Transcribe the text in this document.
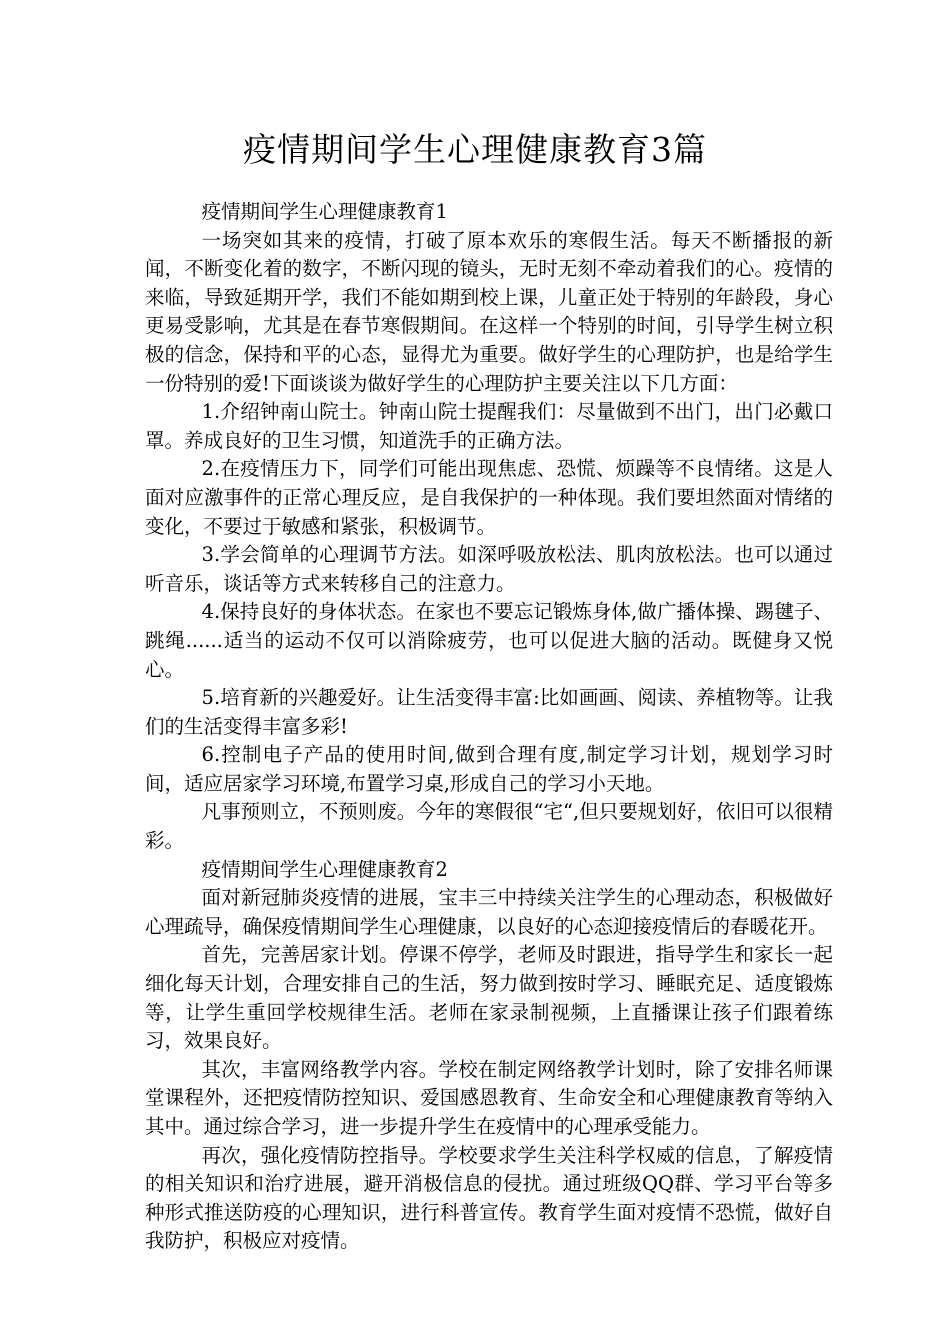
疫情期间学生心理健康教育3篇

疫情期间学生心理健康教育1

一场突如其来的疫情，打破了原本欢乐的寒假生活。每天不断播报的新闻，不断变化着的数字，不断闪现的镜头，无时无刻不牵动着我们的心。疫情的来临，导致延期开学，我们不能如期到校上课，儿童正处于特别的年龄段，身心更易受影响，尤其是在春节寒假期间。在这样一个特别的时间，引导学生树立积极的信念，保持和平的心态，显得尤为重要。做好学生的心理防护，也是给学生一份特别的爱!下面谈谈为做好学生的心理防护主要关注以下几方面：

1.介绍钟南山院士。钟南山院士提醒我们：尽量做到不出门，出门必戴口罩。养成良好的卫生习惯，知道洗手的正确方法。

2.在疫情压力下，同学们可能出现焦虑、恐慌、烦躁等不良情绪。这是人面对应激事件的正常心理反应，是自我保护的一种体现。我们要坦然面对情绪的变化，不要过于敏感和紧张，积极调节。

3.学会简单的心理调节方法。如深呼吸放松法、肌肉放松法。也可以通过听音乐，谈话等方式来转移自己的注意力。

4.保持良好的身体状态。在家也不要忘记锻炼身体,做广播体操、踢毽子、跳绳......适当的运动不仅可以消除疲劳，也可以促进大脑的活动。既健身又悦心。

5.培育新的兴趣爱好。让生活变得丰富:比如画画、阅读、养植物等。让我们的生活变得丰富多彩!

6.控制电子产品的使用时间,做到合理有度,制定学习计划，规划学习时间，适应居家学习环境,布置学习桌,形成自己的学习小天地。

凡事预则立，不预则废。今年的寒假很“宅“,但只要规划好，依旧可以很精彩。

疫情期间学生心理健康教育2

面对新冠肺炎疫情的进展，宝丰三中持续关注学生的心理动态，积极做好心理疏导，确保疫情期间学生心理健康，以良好的心态迎接疫情后的春暖花开。

首先，完善居家计划。停课不停学，老师及时跟进，指导学生和家长一起细化每天计划，合理安排自己的生活，努力做到按时学习、睡眠充足、适度锻炼等，让学生重回学校规律生活。老师在家录制视频，上直播课让孩子们跟着练习，效果良好。

其次，丰富网络教学内容。学校在制定网络教学计划时，除了安排名师课堂课程外，还把疫情防控知识、爱国感恩教育、生命安全和心理健康教育等纳入其中。通过综合学习，进一步提升学生在疫情中的心理承受能力。

再次，强化疫情防控指导。学校要求学生关注科学权威的信息，了解疫情的相关知识和治疗进展，避开消极信息的侵扰。通过班级QQ群、学习平台等多种形式推送防疫的心理知识，进行科普宣传。教育学生面对疫情不恐慌，做好自我防护，积极应对疫情。
